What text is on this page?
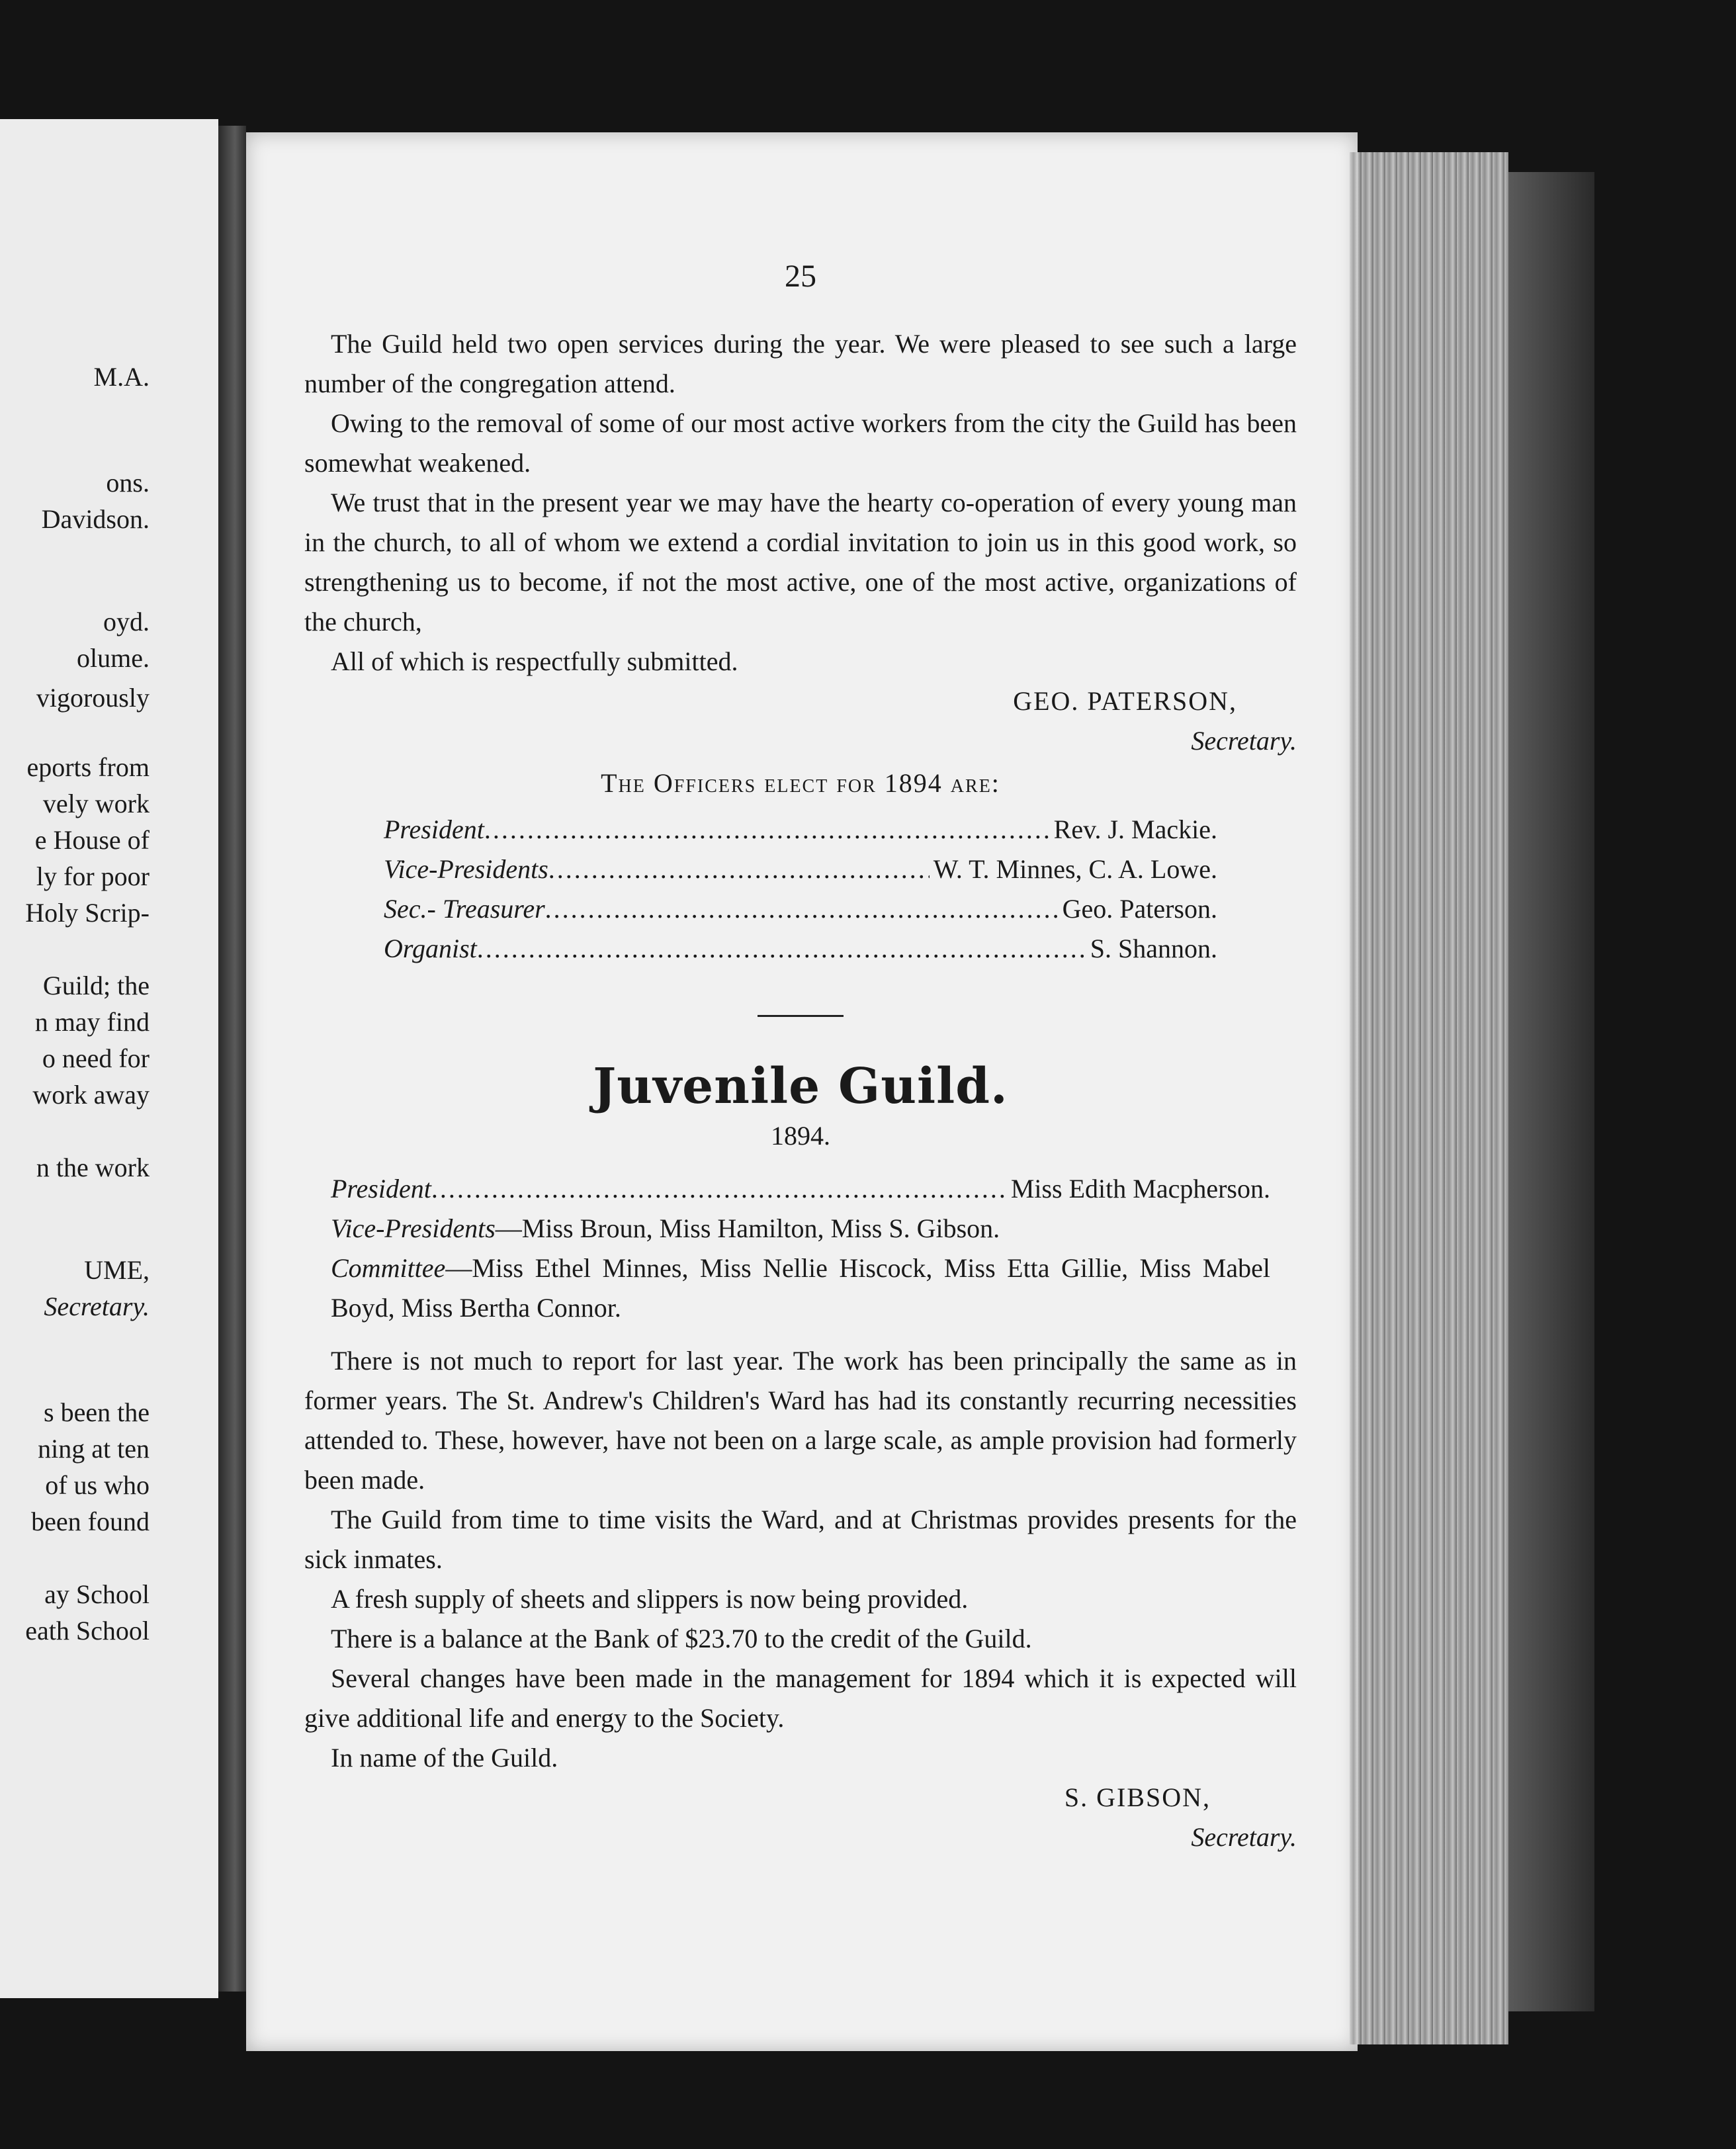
M.A.
ons.
Davidson.
oyd.
olume.
vigorously
eports from
vely work
e House of
ly for poor
Holy Scrip-
Guild; the
n may find
o need for
work away
n the work
UME,
Secretary.
s been the
ning at ten
of us who
been found
ay School
eath School
25

The Guild held two open services during the year. We were pleased to see such a large number of the congregation attend.

Owing to the removal of some of our most active workers from the city the Guild has been somewhat weakened.

We trust that in the present year we may have the hearty co-operation of every young man in the church, to all of whom we extend a cordial invitation to join us in this good work, so strengthening us to become, if not the most active, one of the most active, organizations of the church,

All of which is respectfully submitted.

GEO. PATERSON,

Secretary.

The Officers elect for 1894 are:

President .....	Rev. J. Mackie.
Vice-Presidents .....	W. T. Minnes, C. A. Lowe.
Sec.- Treasurer .....	Geo. Paterson.
Organist .....	S. Shannon.

Juvenile Guild.

1894.

President .....	Miss Edith Macpherson.

Vice-Presidents—Miss Broun, Miss Hamilton, Miss S. Gibson.

Committee—Miss Ethel Minnes, Miss Nellie Hiscock, Miss Etta Gillie, Miss Mabel Boyd, Miss Bertha Connor.

There is not much to report for last year. The work has been principally the same as in former years. The St. Andrew's Children's Ward has had its constantly recurring necessities attended to. These, however, have not been on a large scale, as ample provision had formerly been made.

The Guild from time to time visits the Ward, and at Christmas provides presents for the sick inmates.

A fresh supply of sheets and slippers is now being provided.

There is a balance at the Bank of $23.70 to the credit of the Guild.

Several changes have been made in the management for 1894 which it is expected will give additional life and energy to the Society.

In name of the Guild.

S. GIBSON,

Secretary.
